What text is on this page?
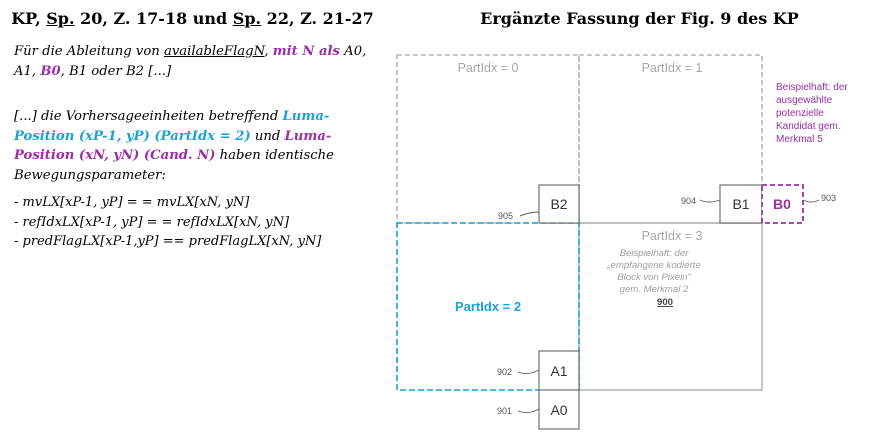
KP, Sp. 20, Z. 17-18 und Sp. 22, Z. 21-27
Für die Ableitung von availableFlagN, mit N als A0, A1, B0, B1 oder B2 [...]
[...] die Vorhersageeinheiten betreffend Luma-Position (xP-1, yP) (PartIdx = 2) und Luma-Position (xN, yN) (Cand. N) haben identische Bewegungsparameter:
- mvLX[xP-1, yP] = = mvLX[xN, yN]
- refIdxLX[xP-1, yP] = = refIdxLX[xN, yN]
- predFlagLX[xP-1,yP] == predFlagLX[xN, yN]
Ergänzte Fassung der Fig. 9 des KP
PartIdx = 0	PartIdx = 1
PartIdx = 2
PartIdx = 3
Beispielhaft: der
„empfangene kodierte
Block von Pixeln“
gem. Merkmal 2
900
Beispielhaft: der
ausgewählte
potenzielle
Kandidat gem.
Merkmal 5
B2	B1 B0
A1
A0
905
904	903
902
901
